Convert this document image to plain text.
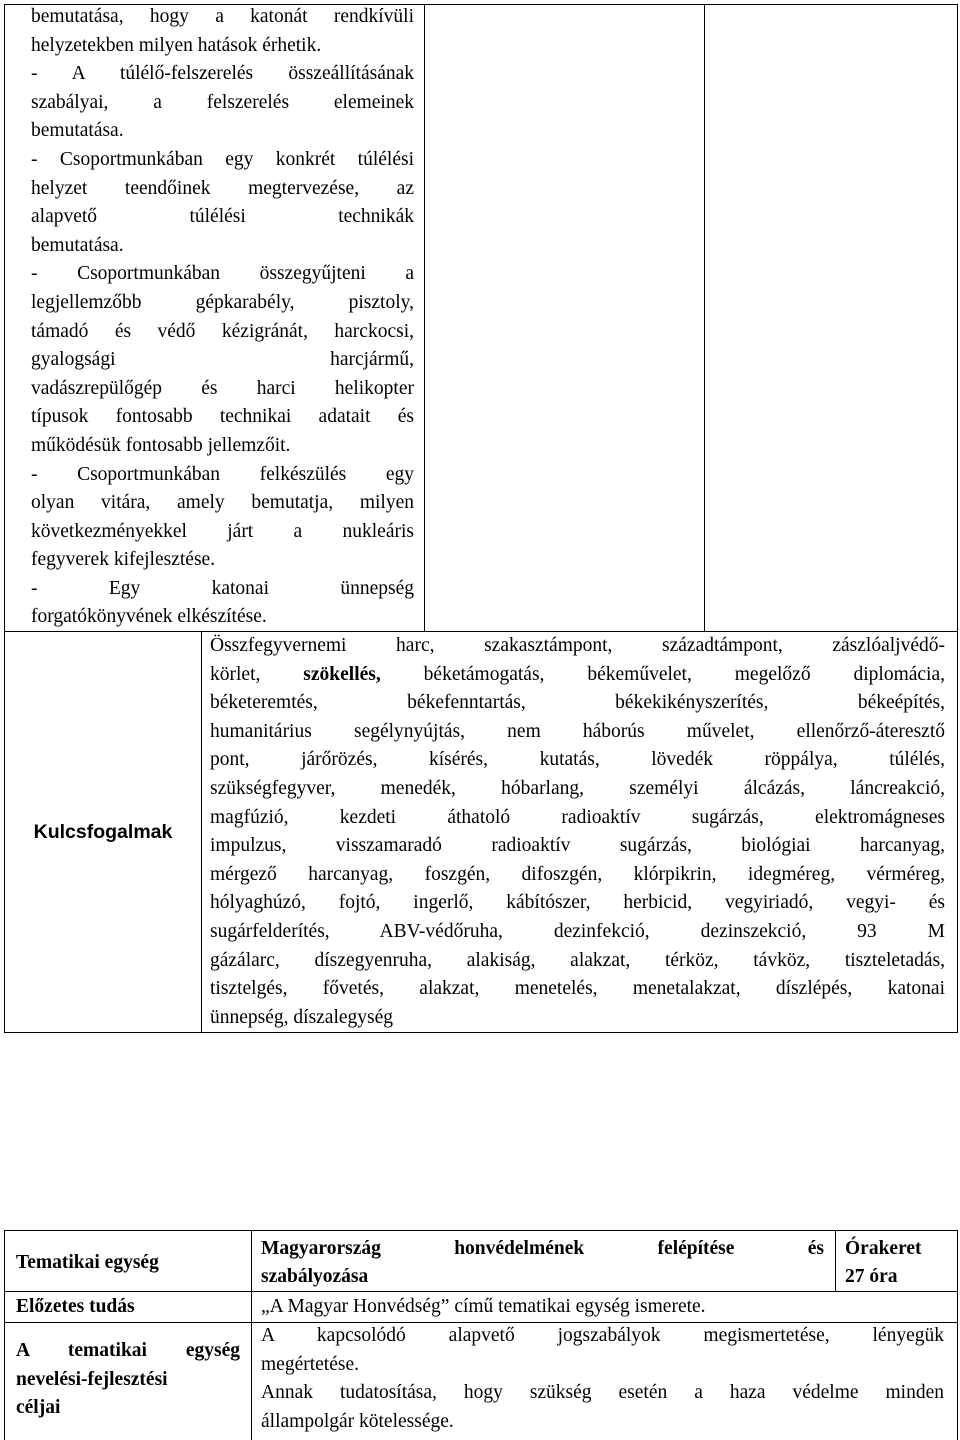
bemutatása, hogy a katonát rendkívüli
helyzetekben milyen hatások érhetik.
- A túlélő-felszerelés összeállításának
szabályai, a felszerelés elemeinek
bemutatása.
- Csoportmunkában egy konkrét túlélési
helyzet teendőinek megtervezése, az
alapvető túlélési technikák
bemutatása.
- Csoportmunkában összegyűjteni a
legjellemzőbb gépkarabély, pisztoly,
támadó és védő kézigránát, harckocsi,
gyalogsági harcjármű,
vadászrepülőgép és harci helikopter
típusok fontosabb technikai adatait és
működésük fontosabb jellemzőit.
- Csoportmunkában felkészülés egy
olyan vitára, amely bemutatja, milyen
következményekkel járt a nukleáris
fegyverek kifejlesztése.
- Egy katonai ünnepség
forgatókönyvének elkészítése.
Kulcsfogalmak
Összfegyvernemi harc, szakasztámpont, századtámpont, zászlóaljvédő-
körlet, szökellés, béketámogatás, békeművelet, megelőző diplomácia,
béketeremtés, békefenntartás, békekikényszerítés, békeépítés,
humanitárius segélynyújtás, nem háborús művelet, ellenőrző-áteresztő
pont, járőrözés, kísérés, kutatás, lövedék röppálya, túlélés,
szükségfegyver, menedék, hóbarlang, személyi álcázás, láncreakció,
magfúzió, kezdeti áthatoló radioaktív sugárzás, elektromágneses
impulzus, visszamaradó radioaktív sugárzás, biológiai harcanyag,
mérgező harcanyag, foszgén, difoszgén, klórpikrin, idegméreg, vérméreg,
hólyaghúzó, fojtó, ingerlő, kábítószer, herbicid, vegyiriadó, vegyi- és
sugárfelderítés, ABV-védőruha, dezinfekció, dezinszekció, 93 M
gázálarc, díszegyenruha, alakiság, alakzat, térköz, távköz, tiszteletadás,
tisztelgés, fővetés, alakzat, menetelés, menetalakzat, díszlépés, katonai
ünnepség, díszalegység
Tematikai egység
Magyarország honvédelmének felépítése és
szabályozása
Órakeret
27 óra
Előzetes tudás	„A Magyar Honvédség” című tematikai egység ismerete.
A tematikai egység
nevelési-fejlesztési
céljai
A kapcsolódó alapvető jogszabályok megismertetése, lényegük
megértetése.
Annak tudatosítása, hogy szükség esetén a haza védelme minden
állampolgár kötelessége.
